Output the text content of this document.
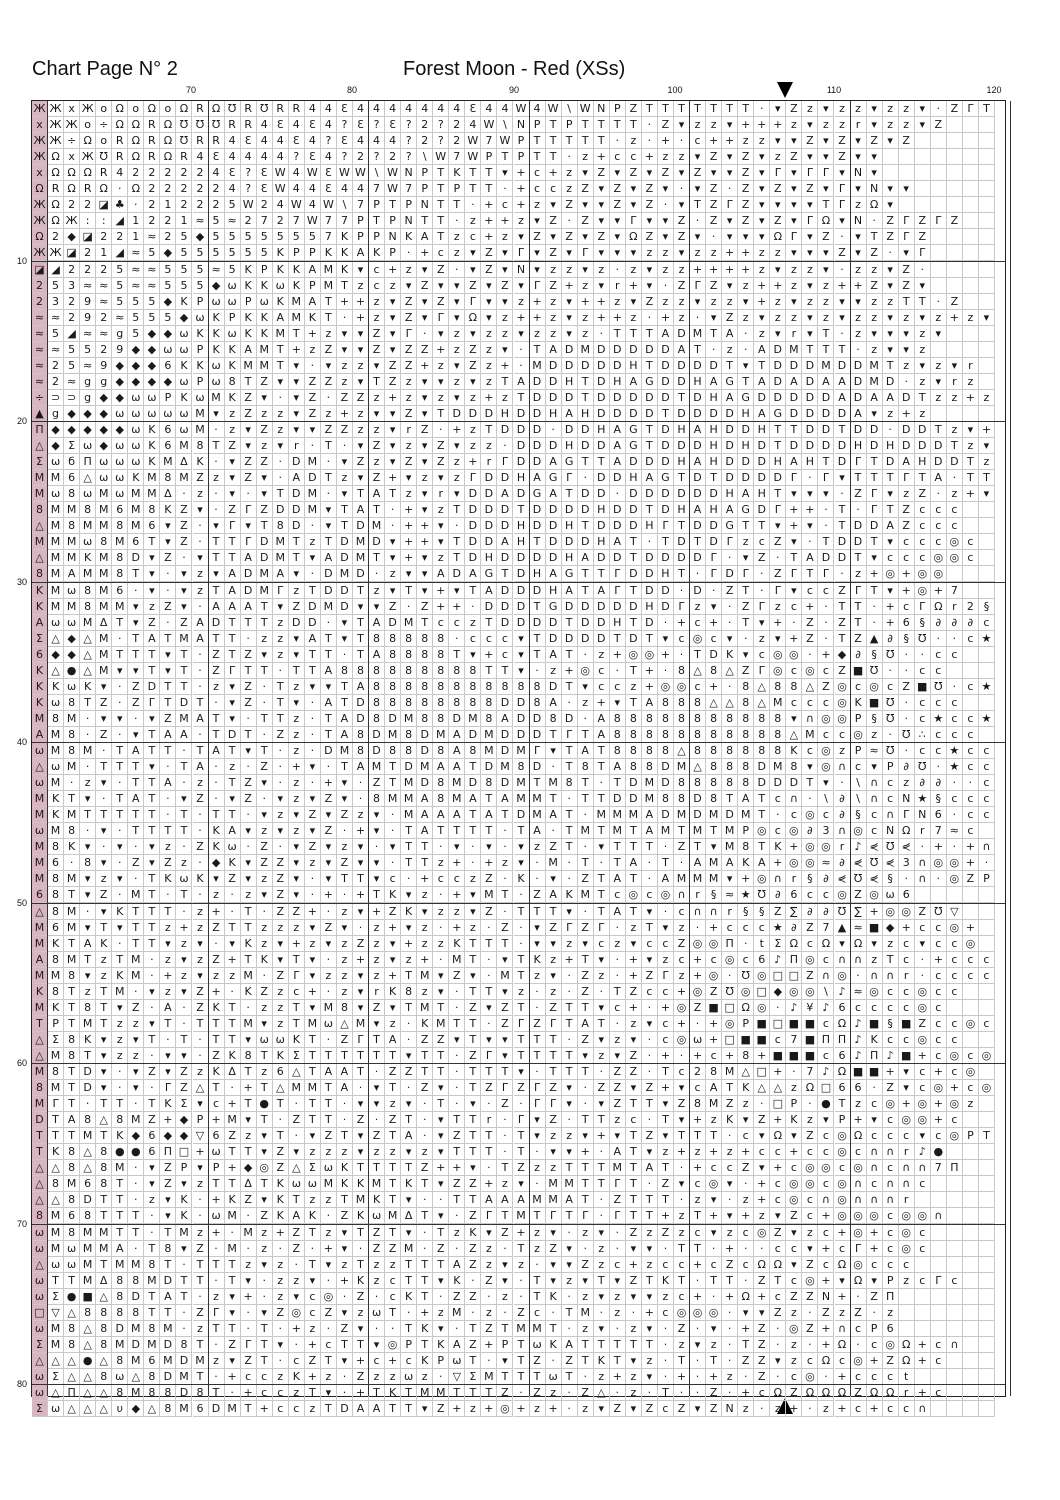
Chart Page N° 2	Forest Moon - Red (XSs)
70	80	90	100	110	120
10
20
30
40
50
60
70
80
Ж Ж x Ж o Ω o Ω o Ω R Ω ℧ R ℧ R R 4 4 Ɛ 4 4 4 4 4 4 4 Ɛ 4 4 W 4 W \ W N P Z T T T T T T T ·	▾ Z z ▾ z z ▾ z z ▾	· Z Γ T
x Ж Ж o ÷ Ω Ω R Ω ℧ ℧ ℧ R R 4 Ɛ 4 Ɛ 4 ? Ɛ ? Ɛ ? 2 ? 2 4 W \ N P T P T T T T · Z ▾ z z ▾ + + + z ▾ z z r	▾ z z ▾ Z
Ж Ж ÷ Ω o R Ω R Ω ℧ R R 4 Ɛ 4 4 Ɛ 4 ? Ɛ 4 4 4 ? 2 ? 2 W 7 W P T T T T T ·	z	· + ·	c + + z z ▾ ▾ Z ▾ Z ▾ Z ▾ Z
Ж Ω x Ж ℧ R Ω R Ω R 4 Ɛ 4 4 4 4 ? Ɛ 4 ? 2 ? 2 ?	\ W 7 W P T P T T ·	z + c c + z z ▾ Z ▾ Z ▾ z Z ▾ ▾ Z ▾ ▾
x Ω Ω Ω R 4 2 2 2 2 2 4 Ɛ ? Ɛ W 4 W Ɛ W W \ W N P T K T T ▾ + c + z ▾ Z ▾ Z ▾ Z ▾ Z ▾ ▾ Z ▾ Γ ▾ Γ Γ ▾ N ▾
Ω R Ω R Ω · Ω 2 2 2 2 2 4 ? Ɛ W 4 4 Ɛ 4 4 7 W 7 P T P T T · + c c z Z ▾ Z ▾ Z ▾	·	▾ Z · Z ▾ Z ▾ Z ▾ Γ ▾ N ▾ ▾
Ж Ω 2 2 ◪ ♣ · 2 1 2 2 2 5 W 2 4 W 4 W \ 7 P T P N T T · + c + z ▾ Z ▾ ▾ Z ▾ Z ·	▾ T Z Γ Z ▾ ▾ ▾ ▾ T Γ z Ω ▾
Ж Ω Ж :	: ◢ 1 2 2 1 ≈ 5 ≈ 2 7 2 7 W 7 7 P T P N T T ·	z + + z ▾ Z · Z ▾ ▾ Γ ▾ ▾ Z · Z ▾ Z ▾ Z ▾ Γ Ω ▾ N · Z Γ Z Γ Z
Ω 2 ◆ ◪ 2 2 1 ≈ 2 5 ◆ 5 5 5 5 5 5 5 7 K P P N K A T z c + z ▾ Z ▾ Z ▾ Z ▾ Ω Z ▾ Z ▾	·	▾ ▾ ▾ Ω Γ ▾ Z ·	▾ T Z Γ Z
Ж Ж ◪ 2 1 ◢ ≈ 5 ◆ 5 5 5 5 5 5 K P P K K A K P · + c z ▾ Z ▾ Γ ▾ Z ▾ Γ ▾ ▾ ▾ z z ▾ z z + + z z ▾ ▾ ▾ Z ▾ Z ·	▾ Γ
◪ ◢ 2 2 2 5 ≈ ≈ 5 5 5 ≈ 5 K P K K A M K ▾ c + z ▾ Z ·	▾ Z ▾ N ▾ z z ▾ z	·	z ▾ z z + + + + z ▾ z z ▾	·	z z ▾ Z ·
2 5 3 ≈ ≈ 5 ≈ ≈ 5 5 5 ◆ ω K K ω K P M T z c z ▾ Z ▾ ▾ Z ▾ Z ▾ Γ Z + z ▾	r + ▾	· Z Γ Z ▾ z + + z ▾ z + + Z ▾ Z ▾
2 3 2 9 ≈ 5 5 5 ◆ K P ω ω P ω K M A T + + z ▾ Z ▾ Z ▾ Γ ▾ ▾ z + z ▾ + + z ▾ Z z z ▾ z z ▾ + z ▾ z z ▾ ▾ z z T T · Z
≈ ≈ 2 9 2 ≈ 5 5 5 ◆ ω K P K K A M K T · + z ▾ Z ▾ Γ ▾ Ω ▾ z + + z ▾ z + + z	· + z	·	▾ Z z ▾ z z ▾ z ▾ z z ▾ z ▾ z + z ▾
≈ 5 ◢ ≈ ≈ g 5 ◆ ◆ ω K K ω K K M T + z ▾ ▾ Z ▾ Γ	·	▾ z ▾ z z ▾ z z ▾ z	· T T T A D M T A ·	z ▾	r	▾ T ·	z ▾ ▾ ▾ z ▾
≈ ≈ 5 5 2 9 ◆ ◆ ω ω P K K A M T + z Z ▾ ▾ Z ▾ Z Z + z Z z ▾	· T A D M D D D D D A T ·	z	· A D M T T T ·	z ▾ ▾ z
≈ 2 5 ≈ 9 ◆ ◆ ◆ 6 K K ω K M M T ▾	·	▾ z z ▾ Z Z + z ▾ Z z + · M D D D D D H T D D D D T ▾ T D D D M D D M T z ▾ z ▾	r
≈ 2 ≈ g g ◆ ◆ ◆ ◆ ω P ω 8 T Z ▾ ▾ Z Z z ▾ T Z z ▾ ▾ z ▾ z T A D D H T D H A G D D H A G T A D A D A A D M D ·	z ▾	r z
÷ ⊃ ⊃ g ◆ ◆ ω ω P K ω M K Z ▾	·	▾ Z · Z Z z + z ▾ z ▾ z + z T D D D T D D D D D T D H A G D D D D D A D A A D T z z + z
▲ g ◆ ◆ ◆ ω ω ω ω ω M ▾ z Z z z ▾ Z z + z ▾ ▾ Z ▾ T D D D H D D H A H D D D D T D D D D H A G D D D D A ▾ z + z
Π ◆ ◆ ◆ ◆ ◆ ω K 6 ω M ·	z ▾ Z z ▾ ▾ Z Z z z ▾	r Z · + z T D D D · D D H A G T D H A H D D H T T D D T D D · D D T z ▾ +
△ ◆ Σ ω ◆ ω ω K 6 M 8 T Z ▾ z ▾	r	· T ·	▾ Z ▾ z ▾ Z ▾ z z	· D D D H D D A G T D D D H D H D T D D D D H D H D D D T z ▾
Σ ω б Π ω ω ω K M Δ K ·	▾ Z Z · D M ·	▾ Z z ▾ Z ▾ Z z + r Γ D D A G T T A D D D H A H D D D H A H T D Γ T D A H D D T z
M M 6 △ ω ω K M 8 M Z z ▾ Z ▾	· A D T z ▾ Z + ▾ z ▾ z Γ D D H A G Γ	· D D H A G T D T D D D D Γ	·	Γ ▾ T T T Γ T A · T T
M ω 8 ω M ω M M Δ ·	z	·	▾	·	▾ T D M ·	▾ T A T z ▾	r	▾ D D A D G A T D D · D D D D D D H A H T ▾ ▾ ▾	· Z Γ ▾ z Z ·	z + ▾
8 M M 8 M 6 M 8 K Z ▾	· Z Γ Z D D M ▾ T A T · + ▾ z T D D D T D D D D H D D T D H A H A G D Γ + + · T ·	Γ T Z c c c
△ M 8 M M 8 M 6 ▾ Z ·	▾ Γ ▾ T 8 D ·	▾ T D M · + + ▾	· D D D H D D H T D D D H Γ T D D G T T ▾ + ▾	· T D D A Z c c c
M M M ω 8 M 6 T ▾ Z · T T Γ D M T z T D M D ▾ + + ▾ T D D A H T D D D H A T · T D T D Γ z c Z ▾	· T D D T ▾ c c c ◎ c
△ M M K M 8 D ▾ Z ·	▾ T T A D M T ▾ A D M T ▾ + ▾ z T D H D D D D H A D D T D D D D Γ	·	▾ Z · T A D D T ▾ c c c ◎ ◎ c
8 M A M M 8 T ▾	·	▾ z ▾ A D M A ▾	· D M D ·	z ▾ ▾ A D A G T D H A G T T Γ D D H T ·	Γ D Γ	· Z Γ T Γ	·	z + ◎ + ◎ ◎
K M ω 8 M 6 ·	▾	·	▾ z T A D M Γ z T D D T z ▾ T ▾ + ▾ T A D D D H A T A Γ T D D · D · Z T ·	Γ ▾ c c Z Γ T ▾ + ◎ + 7
K M M 8 M M ▾ z Z ▾	· A A A T ▾ Z D M D ▾ ▾ Z · Z + + · D D D T G D D D D D H D Γ z ▾	· Z Γ z c + · T T · + c Γ Ω r 2 §
A ω ω M Δ T ▾ Z · Z A D T T T z D D ·	▾ T A D M T c c z T D D D D T D D H T D · + c + · T ▾ + · Z · Z T · + 6 § ∂ ∂ ∂ c
Σ △ ◆ △ M · T A T M A T T ·	z z ▾ A T ▾ T 8 8 8 8 8 ·	c c c ▾ T D D D D T D T ▾ c ◎ c ▾	·	z ▾ + Z · T Z ▲ ∂ § ℧ ·	·	c ★
6 ◆ ◆ △ M T T T ▾ T · Z T Z ▾ z ▾ T T · T A 8 8 8 8 T ▾ + c ▾ T A T ·	z + ◎ ◎ + · T D K ▾ c ◎ ◎ · + ◆ ∂ § ℧ ·	·	c c
K △ ● △ M ▾ ▾ T ▾ T · Z Γ T T · T T A 8 8 8 8 8 8 8 8 8 T T ▾	·	z + ◎ c	· T + · 8 △ 8 △ Z Γ ◎ c ◎ c Z ■ ℧ ·	·	c c
K K ω K ▾	· Z D T T ·	z ▾ Z · T z ▾ ▾ T A 8 8 8 8 8 8 8 8 8 8 8 D T ▾ c c z + ◎ ◎ c + · 8 △ 8 8 △ Z ◎ c ◎ c Z ■ ℧ ·	c ★
K ω 8 T Z · Z Γ T D T ·	▾ Z · T ▾	· A T D 8 8 8 8 8 8 8 8 D D 8 A ·	z + ▾ T A 8 8 8 △ △ 8 △ M c c c ◎ K ■ ℧ ·	c c c
M 8 M ·	▾ ▾	·	▾ Z M A T ▾	· T T z	· T A D 8 D M 8 8 D M 8 A D D 8 D · A 8 8 8 8 8 8 8 8 8 8 8 ▾ ∩ ◎ ◎ P § ℧ ·	c ★ c c ★
A M 8 · Z ·	▾ T A A · T D T · Z z	· T A 8 D M 8 D M A D M D D D T Γ T A 8 8 8 8 8 8 8 8 8 8 8 △ M c c ◎ z	· ℧ ∴ c c c
ω M 8 M · T A T T · T A T ▾ T ·	z	· D M 8 D 8 8 D 8 A 8 M D M Γ ▾ T A T 8 8 8 8 △ 8 8 8 8 8 8 K c ◎ z P ≈ ℧ ·	c c ★ c c
△ ω M · T T T ▾	· T A ·	z	· Z · + ▾	· T A M T D M A A T D M 8 D · T 8 T A 8 8 D M △ 8 8 8 D M 8 ▾ ◎ ∩ c ▾ P ∂ ℧ · ★ c c
ω M ·	z ▾	· T T A ·	z	· T Z ▾	·	z	· + ▾	· Z T M D 8 M D 8 D M T M 8 T · T D M D 8 8 8 8 8 D D D T ▾	·	\ ∩ c z ∂ ∂	·	·	c
M K T ▾	· T A T ·	▾ Z ·	▾ Z ·	▾ z ▾ Z ▾	· 8 M M A 8 M A T A M M T · T T D D M 8 8 D 8 T A T c ∩ ·	\	∂	\ ∩ c N ★ § c c c
M K M T T T T T · T · T T ·	▾ z ▾ Z ▾ Z z ▾	· M A A A T A T D M A T · M M M A D M D M D M T ·	c ◎ c ∂ § c ∩ Γ N 6 ·	c c
ω M 8 ·	▾	· T T T T · K A ▾ z ▾ z ▾ Z · + ▾	· T A T T T T · T A · T M T M T A M T M T M P ◎ c ◎ ∂ 3 ∩ ◎ c N Ω r 7 ≈ c
M 8 K ▾	·	▾	·	▾ z	· Z K ω · Z ·	▾ Z ▾ z ▾	·	▾ T T ·	▾	·	▾	·	▾ z Z T ·	▾ T T T · Z T ▾ M 8 T K + ◎ ◎ r ♪ ⋞ ℧ ⋞ · + · + ∩
M 6 · 8 ▾	· Z ▾ Z z	· ◆ K ▾ Z Z ▾ z ▾ Z ▾ ▾	· T T z + · + z ▾	· M · T · T A · T · A M A K A + ◎ ◎ ≈ ∂ ⋞ ℧ ⋞ 3 ∩ ◎ ◎ + ·
M 8 M ▾ z ▾	· T K ω K ▾ Z ▾ z Z ▾	·	▾ T T ▾ c	· + c c z Z · K ·	▾	· Z T A T · A M M M ▾ + ◎ ∩ r	§ ∂ ⋞ ℧ ⋞ §	· ∩ · ◎ Z P
6 8 T ▾ Z · M T · T ·	z	·	z ▾ Z ▾	· + · + T K ▾ z	· + ▾ M T · Z A K M T c ◎ c ◎ ∩ r	§ ≈ ★ ℧ ∂ 6 c c ◎ Z ◎ ω 6
△ 8 M ·	▾ K T T T ·	z + · T · Z Z + ·	z ▾ + Z K ▾ z z ▾ Z · T T T ▾	· T A T ▾	·	c ∩ ∩ r	§ § Z ∑ ∂ ∂ ℧ ∑ + ◎ ◎ Z ℧ ▽
M 6 M ▾ T ▾ T T z + z Z T T z z z ▾ Z ▾	·	z + ▾ z	· + z	· Z ·	▾ Z Γ Z Γ	·	z T ▾ z	· + c c c ★ ∂ Z 7 ▲ ≈ ■ ◆ + c c ◎ +
M K T A K · T T ▾ z ▾	·	▾ K z ▾ + z ▾ z Z z ▾ + z z K T T T ·	▾ ▾ z ▾ c z ▾ c c Z ◎ ◎ Π ·	t Σ Ω c Ω ▾ Ω ▾ z c ▾ c c ◎
A 8 M T z T M ·	z ▾ z Z + T K ▾ T ▾	·	z + z ▾ z + · M T ·	▾ T K z + T ▾	· + ▾ z c + c ◎ c 6 ♪ Π ◎ c ∩ ∩ z T c	· + c c c
M M 8 ▾ z K M · + z ▾ z z M · Z Γ ▾ z z ▾ z + T M ▾ Z ▾	· M T z ▾	· Z z	· + Z Γ z + ◎ · ℧ ◎ □ □ Z ∩ ◎ · ∩ ∩ r	·	c c c c
K 8 T z T M ·	▾ z ▾ Z + · K Z z c + ·	z ▾	r K 8 z ▾	· T T ▾ z	·	z	· Z · T Z c c + ◎ Z ℧ ◎ □ ◆ ◎ ◎ \ ♪ ≈ ◎ c c ◎ c c
M K T 8 T ▾ Z · A · Z K T ·	z z T ▾ M 8 ▾ Z ▾ T M T · Z ▾ Z T · Z T T ▾ c + · + ◎ Z ■ □ Ω ◎ · ♪ ¥ ♪ 6 c c c c ◎ c
T P T M T z z ▾ T · T T T M ▾ z T M ω △ M ▾ z	· K M T T · Z Γ Z Γ T A T ·	z ▾ c + · + ◎ P ■ □ ■ ■ c Ω ♪ ■ § ■ Z c c ◎ c
△ Σ 8 K ▾ z ▾ T · T · T T ▾ ω ω K T · Z Γ T A · Z Z ▾ T ▾ ▾ T T T · Z ▾ z ▾	·	c ◎ ω + □ ■ ■ c 7 ■ Π Π ♪ K c c ◎ c c
△ M 8 T ▾ z z	·	▾ ▾	· Z K 8 T K Σ T T T T T T ▾ T T · Z Γ ▾ T T T T ▾ z ▾ Z · + · + c + 8 + ■ ■ ■ c 6 ♪ Π ♪ ■ + c ◎ c ◎
M 8 T D ▾	·	▾ Z ▾ Z z K Δ T z 6 △ T A A T · Z Z T T · T T T ▾	· T T T · Z Z · T c 2 8 M △ □ + · 7 ♪ Ω ■ ■ + ▾ c + c ◎
8 M T D ▾	·	▾	·	Γ Z △ T · + T △ M M T A ·	▾ T · Z ▾	· T Z Γ Z Γ Z ▾	· Z Z ▾ Z + ▾ c A T K △ △ z Ω □ 6 6 · Z ▾ c ◎ + c ◎
M Γ T · T T · T K Σ ▾ c + T ● T · T T ·	▾ ▾ z ▾	· T ·	▾	· Z ·	Γ Γ ▾	·	▾ Z T T ▾ Z 8 M Z z	· □ P · ● T z c ◎ + ◎ + ◎ z
D T A 8 △ 8 M Z + ◆ P + M ▾ T · Z T T · Z · Z T ·	▾ T T r	·	Γ ▾ Z · T T z c	· T ▾ + z K ▾ Z + K z ▾ P + ▾ c ◎ ◎ + c
T T T M T K ◆ 6 ◆ ◆ ▽ 6 Z z ▾ T ·	▾ Z T ▾ Z T A ·	▾ Z T T · T ▾ z z ▾ + ▾ T Z ▾ T T T ·	c ▾ Ω ▾ Z c ◎ Ω c c c ▾ c ◎ P T
T K 8 △ 8 ● ● 6 Π □ + ω T T ▾ Z ▾ z z z ▾ z z ▾ z ▾ T T T · T ·	▾ ▾ + · A T ▾ z + z + z + c c + c c ◎ c ∩ ∩ r ♪ ●
△ △ 8 △ 8 M ·	▾ Z P ▾ P + ◆ ◎ Z △ Σ ω K T T T T Z + + ▾	· T Z z z T T T M T A T · + c c Z ▾ + c ◎ ◎ c ◎ ∩ c ∩ ∩ 7 Π
△ 8 M 6 8 T ·	▾ Z ▾ z T T Δ T K ω ω M K K M T K T ▾ Z Z + z ▾	· M M T T Γ T · Z ▾ c ◎ ▾	· + c ◎ ◎ c ◎ ∩ c ∩ ∩ c
△ △ 8 D T T ·	z ▾ K · + K Z ▾ K T z z T M K T ▾	·	· T T A A A M M A T · Z T T T ·	z ▾	·	z + c ◎ c ∩ ◎ ∩ ∩ ∩ r
8 M 6 8 T T T ·	▾ K · ω M · Z K A K · Z K ω M Δ T ▾	· Z Γ T M T Γ T Γ	·	Γ T T + z T + ▾ + z ▾ Z c + ◎ ◎ ◎ c ◎ ◎ ∩
ω M 8 M M T T · T M z + · M z + Z T z ▾ T Z T ▾	· T z K ▾ Z + z ▾	·	z ▾	· Z z Z z c ▾ z c ◎ Z ▾ z c + ◎ + c ◎ c
ω M ω M M A · T 8 ▾ Z · M ·	z	· Z · + ▾	· Z Z M · Z · Z z	· T z Z ▾	·	z	·	▾ ▾	· T T · + ·	·	c c ▾ + c Γ + c ◎ c
△ ω ω M T M M 8 T · T T T z ▾ z	· T ▾ z T z z T T T A Z z ▾ z	·	▾ ▾ Z z c + z c c + c Z c Ω Ω ▾ Z c Ω ◎ c c c
ω T T M Δ 8 8 M D T T · T ▾	·	z z ▾	· + K z c T T ▾ K · Z ▾	· T ▾ z ▾ T ▾ Z T K T · T T · Z T c ◎ + ▾ Ω ▾ P z c Γ c
ω Σ ● ■ △ 8 D T A T ·	z ▾ + ·	z ▾ c ◎ · Z ·	c K T · Z Z ·	z	· T K ·	z ▾ z ▾ ▾ z c + · + Ω + c Z Z N + · Z Π
□ ▽ △ 8 8 8 8 T T · Z Γ ▾	·	▾ Z ◎ c Z ▾ z ω T · + z M ·	z	· Z c	· T M ·	z	· + c ◎ ◎ ◎ ·	▾ ▾ Z z	· Z z Z ·	z
ω M 8 △ 8 D M 8 M ·	z T T · T · + z	· Z ▾	·	· T K ▾	· T Z T M M T ·	z ▾	·	z ▾	· Z ·	▾	· + Z · ◎ Z + ∩ c P 6
Σ M 8 △ 8 M D M D 8 T · Z Γ T ▾	· + c T T ▾ ◎ P T K A Z + P T ω K A T T T T T ·	z ▾ z	· T Z ·	z	· + Ω ·	c ◎ Ω + c ∩
△ △ △ ● △ 8 M 6 M D M z ▾ Z T ·	c Z T ▾ + c + c K P ω T ·	▾ T Z · Z T K T ▾ z	· T · T · Z Z ▾ z c Ω c ◎ + Z Ω + c
ω Σ △ △ 8 ω △ 8 D M T · + c c z K + z	· Z z z ω z	· ▽ Σ M T T T ω T ·	z + z ▾	· + · + z	· Z ·	c ◎ · + c c c t
ω △ Π △ △ 8 M 8 8 D 8 T · + c c z T ▾	· + T K T M M T T T Z · Z z	· Z △ ·	z	· T ·	· Z · + c Ω Z Ω Ω Ω Z Ω Ω r + c
Σ ω △ △ △ υ ◆ △ 8 M 6 D M T + c c z T D A A T T ▾ Z + z + ◎ + z + ·	z ▾ Z ▾ Z c Z ▾ Z N z	·	z + ·	z + c + c c ∩
